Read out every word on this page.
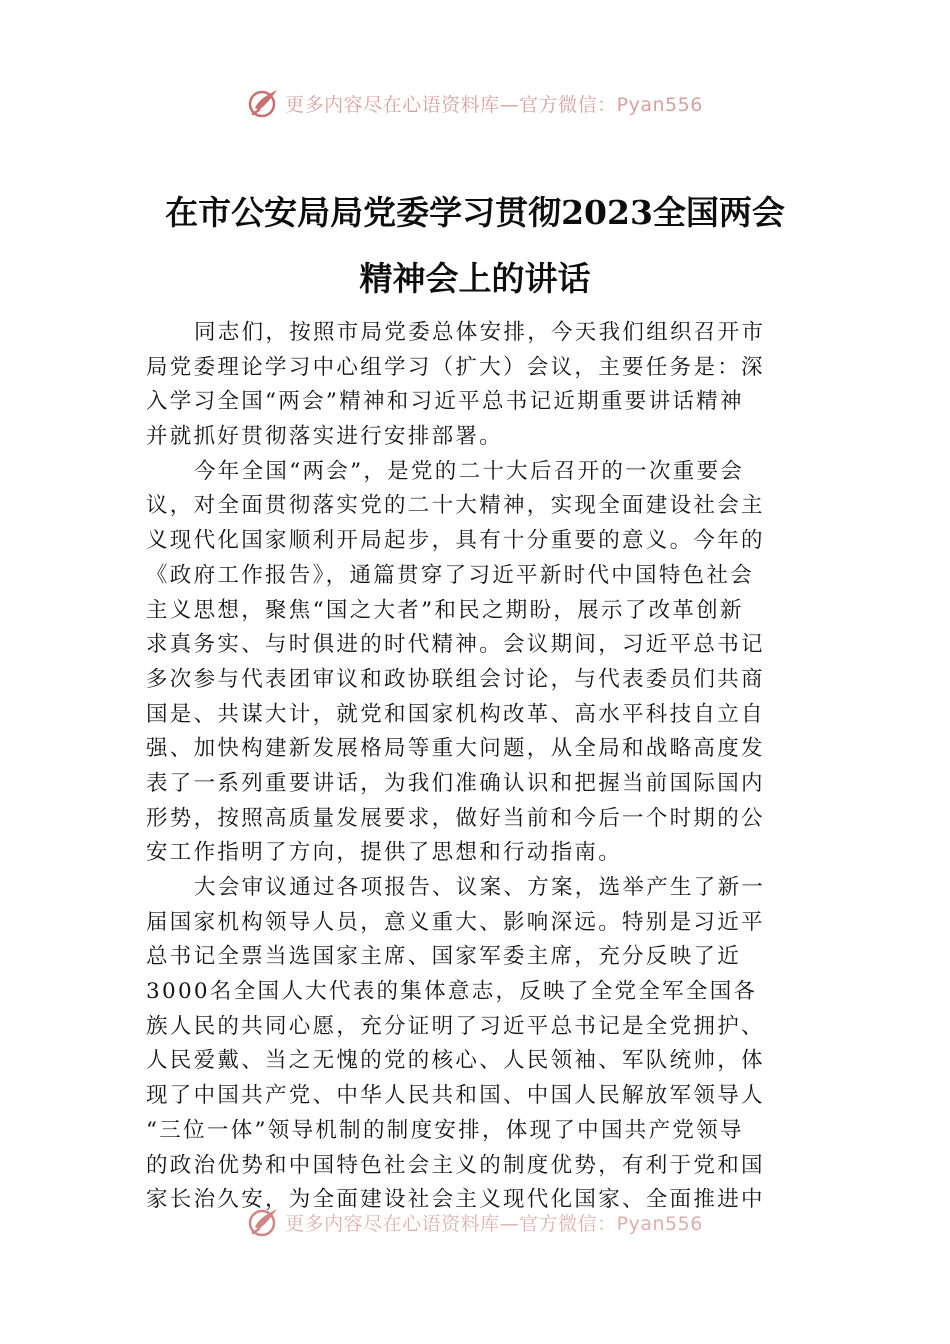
更多内容尽在心语资料库—官方微信：Pyan556
在市公安局局党委学习贯彻2023全国两会
精神会上的讲话
同志们，按照市局党委总体安排，今天我们组织召开市
局党委理论学习中心组学习（扩大）会议，主要任务是：深
入学习全国“两会”精神和习近平总书记近期重要讲话精神
并就抓好贯彻落实进行安排部署。
今年全国“两会”，是党的二十大后召开的一次重要会
议，对全面贯彻落实党的二十大精神，实现全面建设社会主
义现代化国家顺利开局起步，具有十分重要的意义。今年的
《政府工作报告》，通篇贯穿了习近平新时代中国特色社会
主义思想，聚焦“国之大者”和民之期盼，展示了改革创新
求真务实、与时俱进的时代精神。会议期间，习近平总书记
多次参与代表团审议和政协联组会讨论，与代表委员们共商
国是、共谋大计，就党和国家机构改革、高水平科技自立自
强、加快构建新发展格局等重大问题，从全局和战略高度发
表了一系列重要讲话，为我们准确认识和把握当前国际国内
形势，按照高质量发展要求，做好当前和今后一个时期的公
安工作指明了方向，提供了思想和行动指南。
大会审议通过各项报告、议案、方案，选举产生了新一
届国家机构领导人员，意义重大、影响深远。特别是习近平
总书记全票当选国家主席、国家军委主席，充分反映了近
3000名全国人大代表的集体意志，反映了全党全军全国各
族人民的共同心愿，充分证明了习近平总书记是全党拥护、
人民爱戴、当之无愧的党的核心、人民领袖、军队统帅，体
现了中国共产党、中华人民共和国、中国人民解放军领导人
“三位一体”领导机制的制度安排，体现了中国共产党领导
的政治优势和中国特色社会主义的制度优势，有利于党和国
家长治久安，为全面建设社会主义现代化国家、全面推进中
更多内容尽在心语资料库—官方微信：Pyan556
